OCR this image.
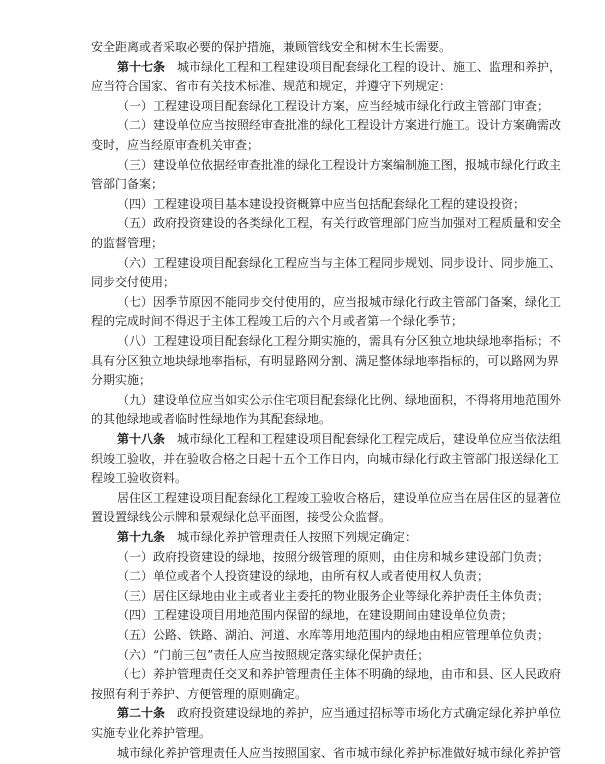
安全距离或者采取必要的保护措施，兼顾管线安全和树木生长需要。
第十七条　城市绿化工程和工程建设项目配套绿化工程的设计、施工、监理和养护，
应当符合国家、省市有关技术标准、规范和规定，并遵守下列规定：
（一）工程建设项目配套绿化工程设计方案，应当经城市绿化行政主管部门审查；
（二）建设单位应当按照经审查批准的绿化工程设计方案进行施工。设计方案确需改
变时，应当经原审查机关审查；
（三）建设单位依据经审查批准的绿化工程设计方案编制施工图，报城市绿化行政主
管部门备案；
（四）工程建设项目基本建设投资概算中应当包括配套绿化工程的建设投资；
（五）政府投资建设的各类绿化工程，有关行政管理部门应当加强对工程质量和安全
的监督管理；
（六）工程建设项目配套绿化工程应当与主体工程同步规划、同步设计、同步施工、
同步交付使用；
（七）因季节原因不能同步交付使用的，应当报城市绿化行政主管部门备案，绿化工
程的完成时间不得迟于主体工程竣工后的六个月或者第一个绿化季节；
（八）工程建设项目配套绿化工程分期实施的，需具有分区独立地块绿地率指标；不
具有分区独立地块绿地率指标，有明显路网分割、满足整体绿地率指标的，可以路网为界
分期实施；
（九）建设单位应当如实公示住宅项目配套绿化比例、绿地面积，不得将用地范围外
的其他绿地或者临时性绿地作为其配套绿地。
第十八条　城市绿化工程和工程建设项目配套绿化工程完成后，建设单位应当依法组
织竣工验收，并在验收合格之日起十五个工作日内，向城市绿化行政主管部门报送绿化工
程竣工验收资料。
居住区工程建设项目配套绿化工程竣工验收合格后，建设单位应当在居住区的显著位
置设置绿线公示牌和景观绿化总平面图，接受公众监督。
第十九条　城市绿化养护管理责任人按照下列规定确定：
（一）政府投资建设的绿地，按照分级管理的原则，由住房和城乡建设部门负责；
（二）单位或者个人投资建设的绿地，由所有权人或者使用权人负责；
（三）居住区绿地由业主或者业主委托的物业服务企业等绿化养护责任主体负责；
（四）工程建设项目用地范围内保留的绿地，在建设期间由建设单位负责；
（五）公路、铁路、湖泊、河道、水库等用地范围内的绿地由相应管理单位负责；
（六）“门前三包”责任人应当按照规定落实绿化保护责任；
（七）养护管理责任交叉和养护管理责任主体不明确的绿地，由市和县、区人民政府
按照有利于养护、方便管理的原则确定。
第二十条　政府投资建设绿地的养护，应当通过招标等市场化方式确定绿化养护单位
实施专业化养护管理。
城市绿化养护管理责任人应当按照国家、省市城市绿化养护标准做好城市绿化养护管
